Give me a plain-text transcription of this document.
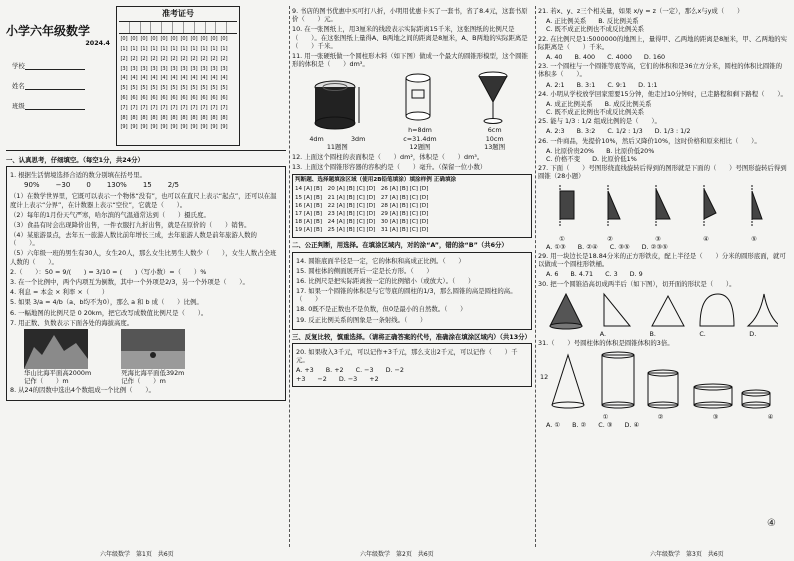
小学六年级数学
2024.4
学校
姓名
班级
准考证号
[0] [0] [0] [0] [0] [0] [0] [0] [0] [0] [0]
[1] [1] [1] [1] [1] [1] [1] [1] [1] [1] [1]
[2] [2] [2] [2] [2] [2] [2] [2] [2] [2] [2]
[3] [3] [3] [3] [3] [3] [3] [3] [3] [3] [3]
[4] [4] [4] [4] [4] [4] [4] [4] [4] [4] [4]
[5] [5] [5] [5] [5] [5] [5] [5] [5] [5] [5]
[6] [6] [6] [6] [6] [6] [6] [6] [6] [6] [6]
[7] [7] [7] [7] [7] [7] [7] [7] [7] [7] [7]
[8] [8] [8] [8] [8] [8] [8] [8] [8] [8] [8]
[9] [9] [9] [9] [9] [9] [9] [9] [9] [9] [9]
一、认真思考，仔细填空。（每空1分，共24分）
1. 根据生活情境选择合适的数分别填在括号里。
90% −30 0 130% 15 2/5
（1）在数学世界里，它既可以表示一个物体“没有”，也可以在直尺上表示“起点”，还可以在温度计上表示“分界”，在计数器上表示“空位”，它就是（　　）。
（2）每年的1月份天气严寒，哈尔滨的气温通常达到（　　）摄氏度。
（3）食品有时会出现降价出售，一件衣服打九折出售，就是在原价的（　　）销售。
（4）某旅游景点，去年五一旅游人数比前年增长三成，去年旅游人数是前年旅游人数的（　　）。
（5）六年级一班的男生有30人，女生20人，那么女生比男生人数少（　　），女生人数占全班人数的（　　）。
2.（　　）：50 = 9/(　　) = 3/10 = (　　)（写小数）=（　　）%
3. 在一个比例中，两个内项互为倒数，其中一个外项是2/3，另一个外项是（　　）。
4. 利息 = 本金 × 利率 ×（　　）
5. 如果 3/a = 4/b（a、b均不为0），那么 a 和 b 成（　　）比例。
6. 一幅地图的比例尺是 0 20km，把它改写成数值比例尺是（　　）。
7. 用正数、负数表示下面各处的海拔高度。
华山比海平面高2000m
记作（　　）m
死海比海平面低392m
记作（　　）m
8. 从24的因数中选出4个数组成一个比例（　　）。
六年级数学　第1页　共6页
9. 书店的图书优惠中买可打八折，小明用优惠卡买了一套书，省了8.4元，这套书原价（　　）元。
10. 在一张图纸上，用3厘米的线段表示实际距离15千米，这张图纸的比例尺是（　　）。在这张图纸上量得A、B两地之间的距离是8厘米，A、B两地的实际距离是（　　）千米。
11. 用一张硬纸做一个圆柱形木料（如下图）做成一个最大的圆锥形模型，这个圆锥形的体积是（　　）dm³。
4dm	3dm
11题图
h=8dm
c=31.4dm
12题图
6cm
10cm
13题图
12. 上面这个圆柱的表面积是（　　）dm²，体积是（　　）dm³。
13. 上面这个圆锥形容器的容积约是（　　）毫升。（保留一位小数）
判断题、选择题填涂区域（使用2B铅笔填涂）填涂样例 正确填涂
14 [A] [B]　20 [A] [B] [C] [D]　26 [A] [B] [C] [D]
15 [A] [B]　21 [A] [B] [C] [D]　27 [A] [B] [C] [D]
16 [A] [B]　22 [A] [B] [C] [D]　28 [A] [B] [C] [D]
17 [A] [B]　23 [A] [B] [C] [D]　29 [A] [B] [C] [D]
18 [A] [B]　24 [A] [B] [C] [D]　30 [A] [B] [C] [D]
19 [A] [B]　25 [A] [B] [C] [D]　31 [A] [B] [C] [D]
二、公正判断，用选择。在填涂区域内，对的涂“A”，错的涂“B”（共6分）
14. 圆锥底面半径是一定，它的体积和高成正比例。（　　）
15. 圆柱体的侧面展开后一定是长方形。（　　）
16. 比例尺是把实际距离按一定的比例缩小（或放大）。（　　）
17. 如果一个圆锥的体积是与它等底的圆柱的1/3，那么圆锥的高是圆柱的高。（　　）
18. 0既不是正数也不是负数，但0是最小的自然数。（　　）
19. 反正比例关系的图象是一条射线。（　　）
三、反复比较，慎重选择。（请将正确答案的代号，准确涂在填涂区域内）（共13分）
20. 如果收入3千元，可以记作+3千元，那么支出2千元，可以记作（　　）千元。
A. +3 B. +2 C. −3 D. −2
+3 −2 D. −3 +2
六年级数学　第2页　共6页
21. 若x、y、z三个相关量，如果 x/y = z（一定），那么x与y成（　　）
A. 正比例关系 B. 反比例关系
C. 既不成正比例也不成反比例关系
22. 在比例尺是1:5000000的地图上，量得甲、乙两地的距离是8厘米，甲、乙两地的实际距离是（　　）千米。
A. 40 B. 400 C. 4000 D. 160
23. 一个圆柱与一个圆锥等底等高，它们的体积和是36立方分米，圆柱的体积比圆锥的体积多（　　）。
A. 2:1 B. 3:1 C. 9:1 D. 1:1
24. 小明从学校放学回家需要15分钟，他走过10分钟时，已走路程和剩下路程（　　）。
A. 成正比例关系 B. 成反比例关系
C. 既不成正比例也不成反比例关系
25. 能与 1/3 : 1/2 组成比例的是（　　）。
A. 2:3 B. 3:2 C. 1/2 : 1/3 D. 1/3 : 1/2
26. 一件商品，先提价10%，然后又降价10%，这时价格和原来相比（　　）。
A. 比原价贵20% B. 比原价低20%
C. 价格不变 D. 比原价低1%
27. 下面（　　）号图形绕直线旋转后得到的图形就是下面的（　　）号图形旋转后得到圆锥（28小题）
①	②	③	④	⑤
A. ①③ B. ②④ C. ③⑤ D. ②③⑤
29. 用一块边长是18.84分米的正方形铁皮，配上半径是（　　）分米的圆形底面，就可以做成一个圆柱形铁桶。
A. 6 B. 4.71 C. 3 D. 9
30. 把一个圆锥沿高切成两半后（如下图），切开面的形状是（　　）。
A.	B.	C.	D.
31.（　　）号圆柱体的体积是圆锥体积的3倍。
12
①	②	③	④
A. ① B. ② C. ③ D. ④
六年级数学　第3页　共6页
④
